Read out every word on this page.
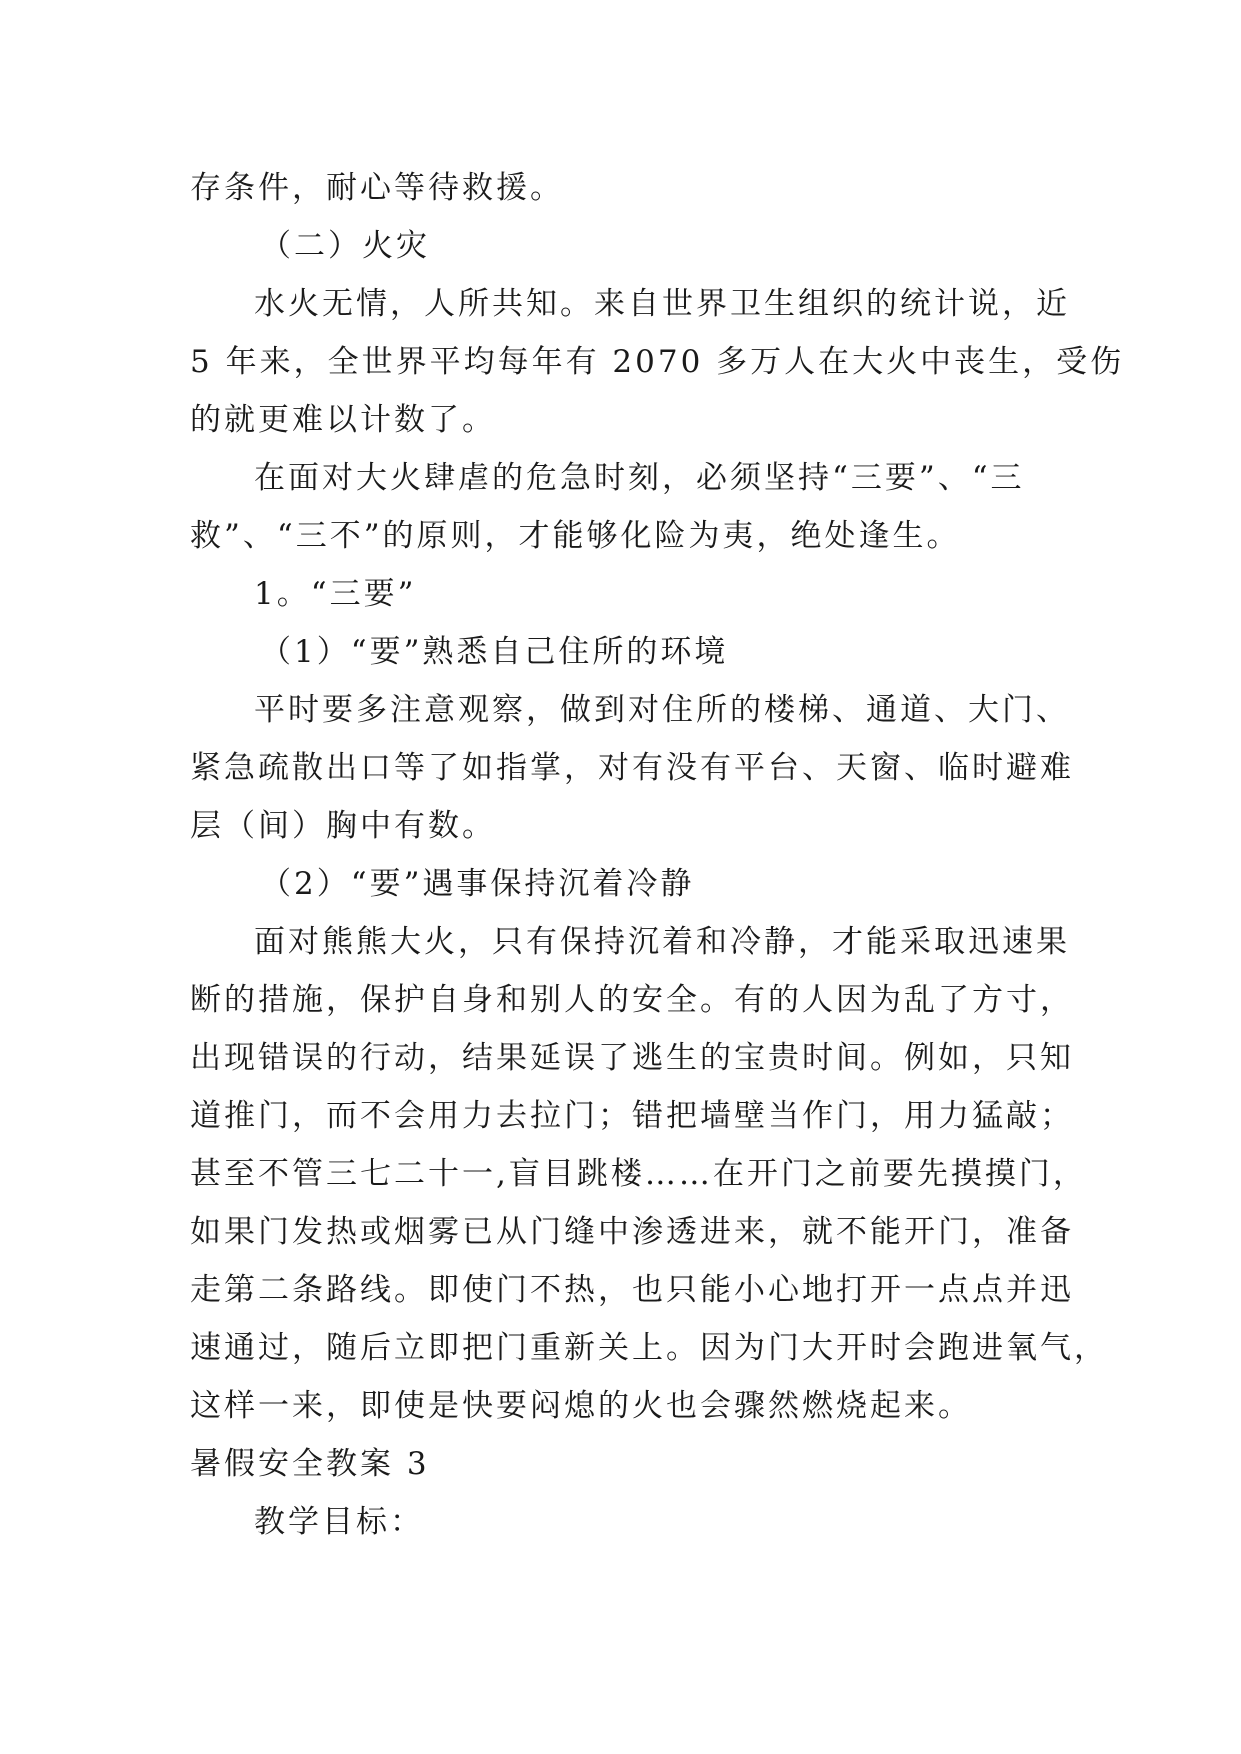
存条件，耐心等待救援。
（二）火灾
水火无情，人所共知。来自世界卫生组织的统计说，近
5 年来，全世界平均每年有 2070 多万人在大火中丧生，受伤
的就更难以计数了。
在面对大火肆虐的危急时刻，必须坚持“三要”、“三
救”、“三不”的原则，才能够化险为夷，绝处逢生。
1。“三要”
（1）“要”熟悉自己住所的环境
平时要多注意观察，做到对住所的楼梯、通道、大门、
紧急疏散出口等了如指掌，对有没有平台、天窗、临时避难
层（间）胸中有数。
（2）“要”遇事保持沉着冷静
面对熊熊大火，只有保持沉着和冷静，才能采取迅速果
断的措施，保护自身和别人的安全。有的人因为乱了方寸，
出现错误的行动，结果延误了逃生的宝贵时间。例如，只知
道推门，而不会用力去拉门；错把墙壁当作门，用力猛敲；
甚至不管三七二十一,盲目跳楼……在开门之前要先摸摸门，
如果门发热或烟雾已从门缝中渗透进来，就不能开门，准备
走第二条路线。即使门不热，也只能小心地打开一点点并迅
速通过，随后立即把门重新关上。因为门大开时会跑进氧气，
这样一来，即使是快要闷熄的火也会骤然燃烧起来。
暑假安全教案 3
教学目标：
